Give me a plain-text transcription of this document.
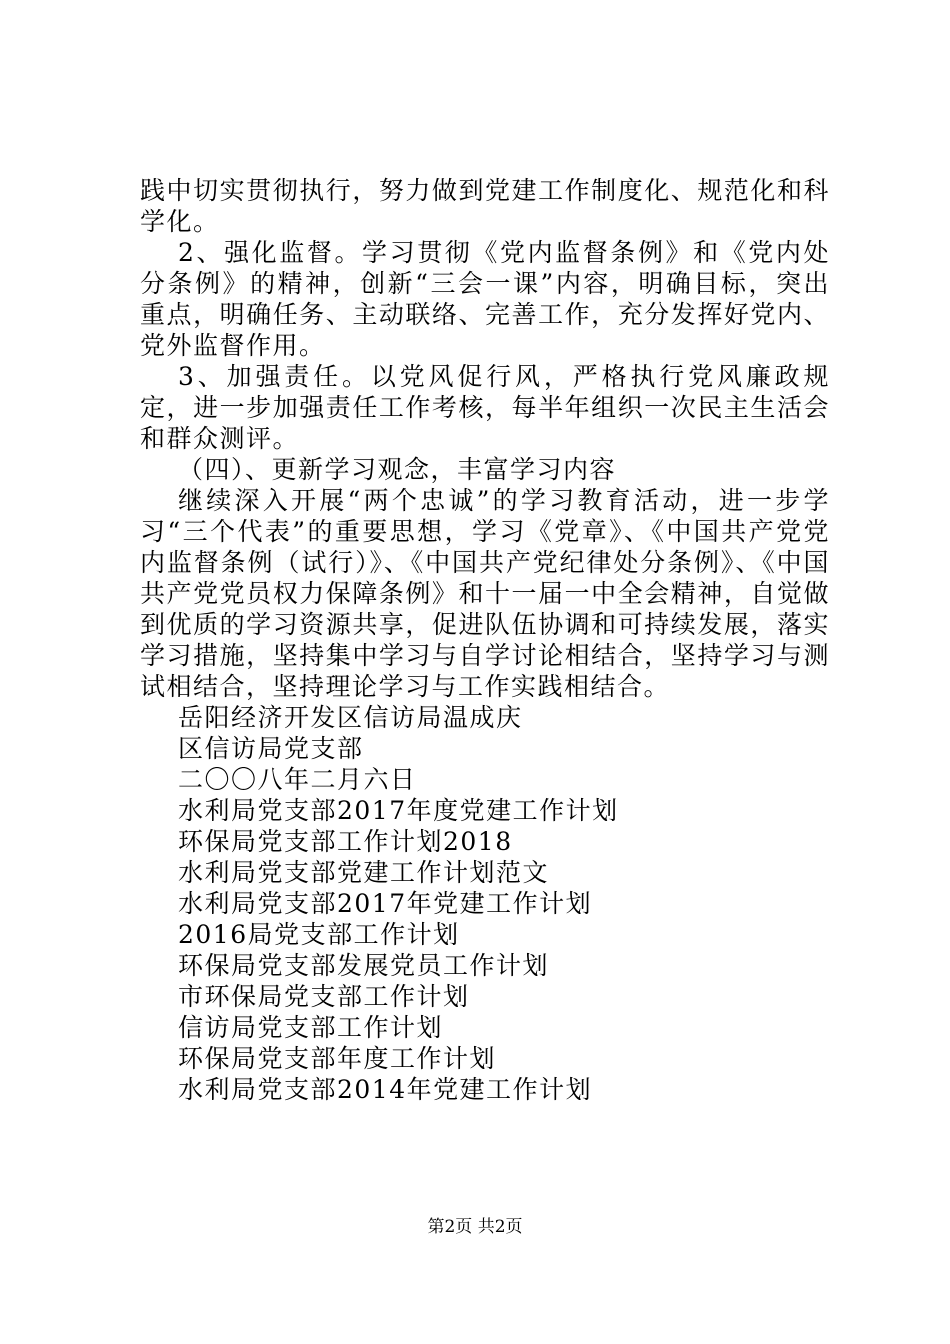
践中切实贯彻执行，努力做到党建工作制度化、规范化和科学化。

2、强化监督。学习贯彻《党内监督条例》和《党内处分条例》的精神，创新“三会一课”内容，明确目标，突出重点，明确任务、主动联络、完善工作，充分发挥好党内、党外监督作用。

3、加强责任。以党风促行风，严格执行党风廉政规定，进一步加强责任工作考核，每半年组织一次民主生活会和群众测评。

（四）、更新学习观念，丰富学习内容

继续深入开展“两个忠诚”的学习教育活动，进一步学习“三个代表”的重要思想，学习《党章》、《中国共产党党内监督条例（试行）》、《中国共产党纪律处分条例》、《中国共产党党员权力保障条例》和十一届一中全会精神，自觉做到优质的学习资源共享，促进队伍协调和可持续发展，落实学习措施，坚持集中学习与自学讨论相结合，坚持学习与测试相结合，坚持理论学习与工作实践相结合。

岳阳经济开发区信访局温成庆
区信访局党支部
二〇〇八年二月六日
水利局党支部2017年度党建工作计划
环保局党支部工作计划2018
水利局党支部党建工作计划范文
水利局党支部2017年党建工作计划
2016局党支部工作计划
环保局党支部发展党员工作计划
市环保局党支部工作计划
信访局党支部工作计划
环保局党支部年度工作计划
水利局党支部2014年党建工作计划
第2页 共2页
